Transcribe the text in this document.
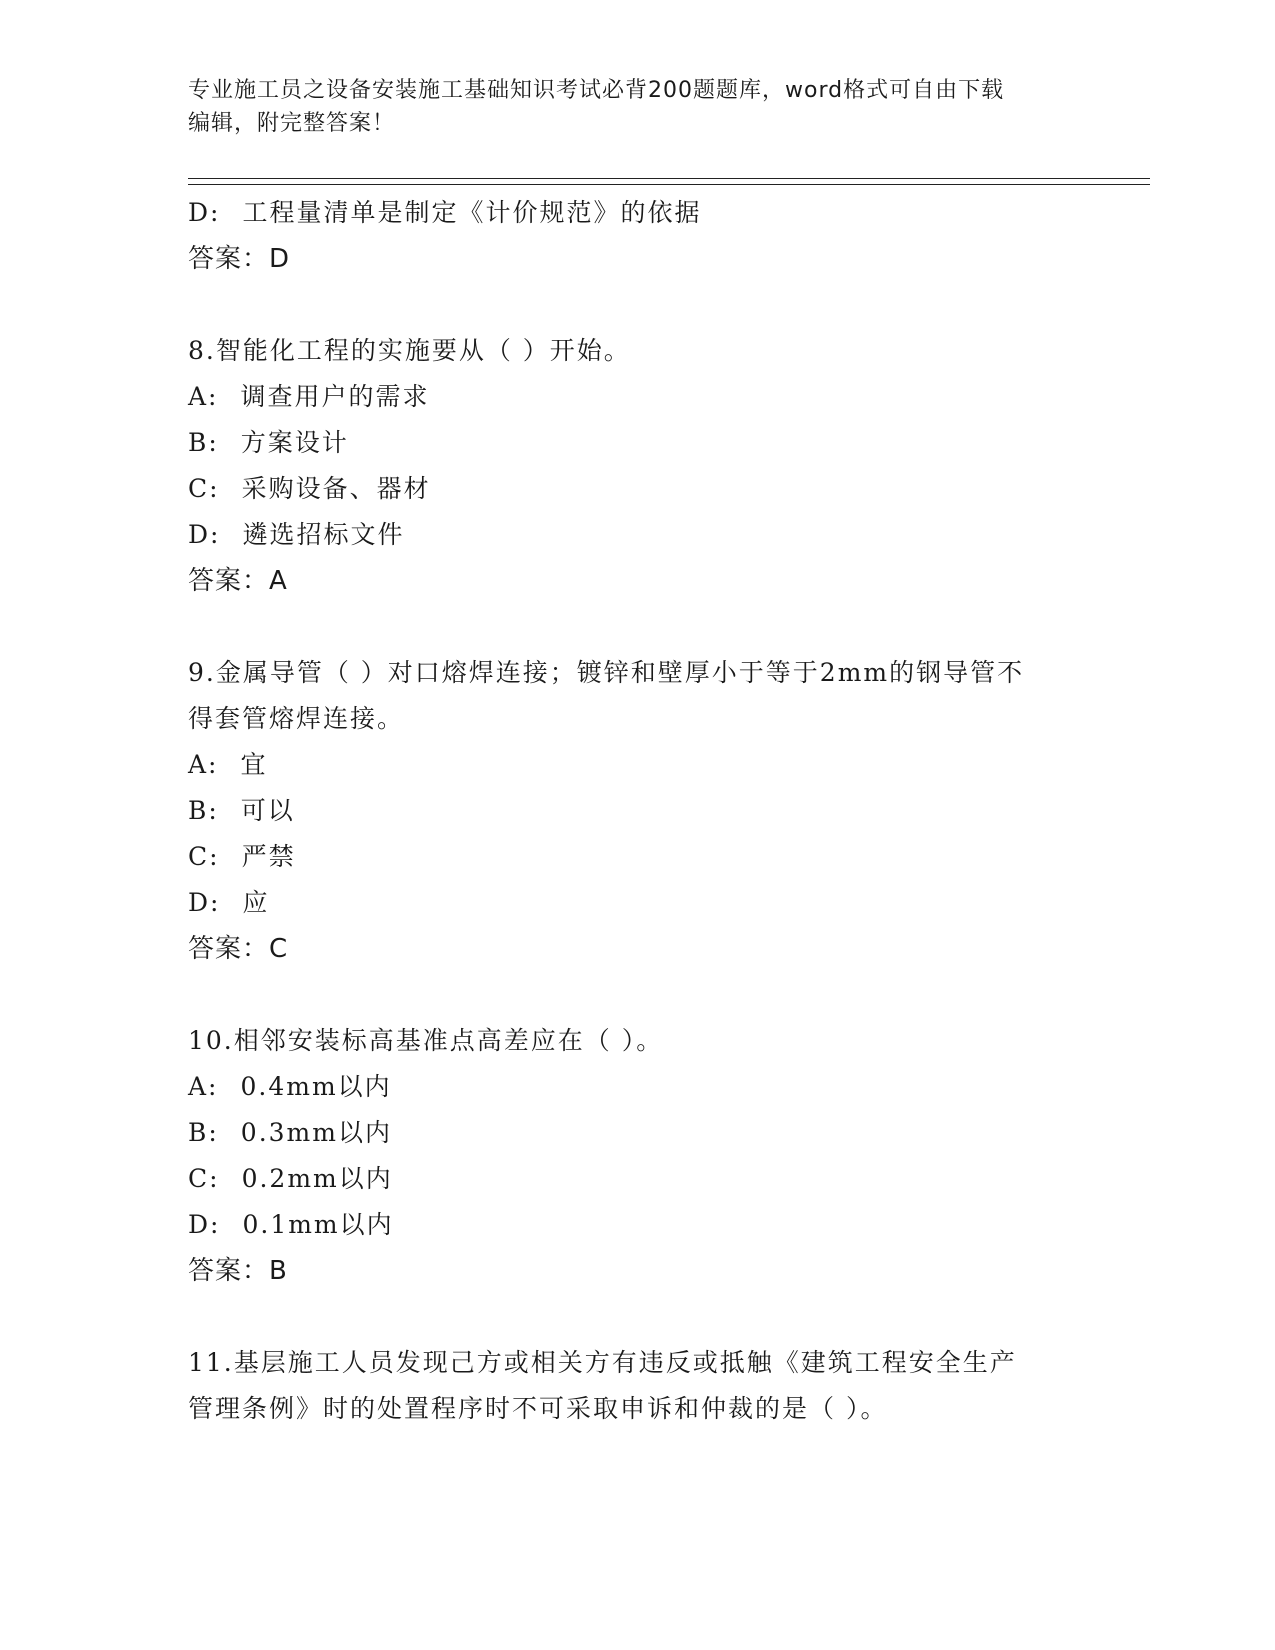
专业施工员之设备安装施工基础知识考试必背200题题库，word格式可自由下载
编辑，附完整答案！
D: 工程量清单是制定《计价规范》的依据
答案：D
8.智能化工程的实施要从（ ）开始。
A: 调查用户的需求
B: 方案设计
C: 采购设备、器材
D: 遴选招标文件
答案：A
9.金属导管（ ）对口熔焊连接；镀锌和壁厚小于等于2mm的钢导管不
得套管熔焊连接。
A: 宜
B: 可以
C: 严禁
D: 应
答案：C
10.相邻安装标高基准点高差应在（ ）。
A: 0.4mm以内
B: 0.3mm以内
C: 0.2mm以内
D: 0.1mm以内
答案：B
11.基层施工人员发现己方或相关方有违反或抵触《建筑工程安全生产
管理条例》时的处置程序时不可采取申诉和仲裁的是（ ）。
